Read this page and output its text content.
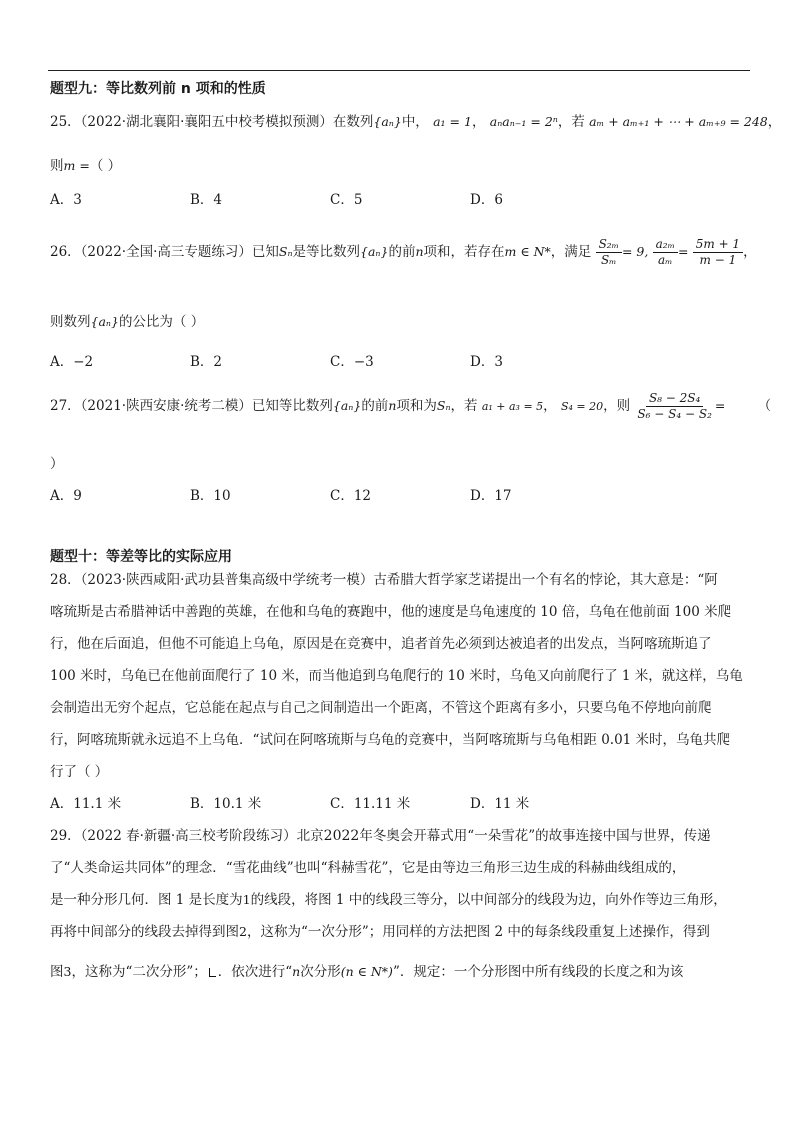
题型九：等比数列前 n 项和的性质
25．（2022·湖北襄阳·襄阳五中校考模拟预测）在数列{aₙ}中， a₁ = 1， aₙaₙ₋₁ = 2ⁿ，若 aₘ + aₘ₊₁ + ⋯ + aₘ₊₉ = 248，
则m =（ ）
A．3	B．4	C．5	D．6
26．（2022·全国·高三专题练习）已知Sₙ是等比数列{aₙ}的前n项和，若存在m ∈ N*，满足 $\frac{\text{S₂ₘ}}{\text{Sₘ}} = 9$, $\frac{\text{a₂ₘ}}{\text{aₘ}} = \frac{5m + 1}{m - 1}$ ，
则数列{aₙ}的公比为（ ）
A．−2	B．2	C．−3	D．3
27．（2021·陕西安康·统考二模）已知等比数列{aₙ}的前n项和为Sₙ，若 a₁ + a₃ = 5， S₄ = 20，则 $\frac{\text{S₈ − 2S₄}}{\text{S₆ − S₄ − S₂}}$ = （
）
A．9	B．10	C．12	D．17
题型十：等差等比的实际应用
28．（2023·陕西咸阳·武功县普集高级中学统考一模）古希腊大哲学家芝诺提出一个有名的悖论，其大意是：“阿
喀琉斯是古希腊神话中善跑的英雄，在他和乌龟的赛跑中，他的速度是乌龟速度的 10 倍，乌龟在他前面 100 米爬
行，他在后面追，但他不可能追上乌龟，原因是在竞赛中，追者首先必须到达被追者的出发点，当阿喀琉斯追了
100 米时，乌龟已在他前面爬行了 10 米，而当他追到乌龟爬行的 10 米时，乌龟又向前爬行了 1 米，就这样，乌龟
会制造出无穷个起点，它总能在起点与自己之间制造出一个距离，不管这个距离有多小，只要乌龟不停地向前爬
行，阿喀琉斯就永远追不上乌龟．“试问在阿喀琉斯与乌龟的竞赛中，当阿喀琉斯与乌龟相距 0.01 米时，乌龟共爬
行了（ ）
A．11.1 米	B．10.1 米	C．11.11 米	D．11 米
29．（2022 春·新疆·高三校考阶段练习）北京2022年冬奥会开幕式用“一朵雪花”的故事连接中国与世界，传递
了“人类命运共同体”的理念．“雪花曲线”也叫“科赫雪花”，它是由等边三角形三边生成的科赫曲线组成的，
是一种分形几何．图 1 是长度为1的线段，将图 1 中的线段三等分，以中间部分的线段为边，向外作等边三角形，
再将中间部分的线段去掉得到图2，这称为“一次分形”；用同样的方法把图 2 中的每条线段重复上述操作，得到
图3，这称为“二次分形”； ．依次进行“n次分形(n ∈ N*)”．规定：一个分形图中所有线段的长度之和为该
